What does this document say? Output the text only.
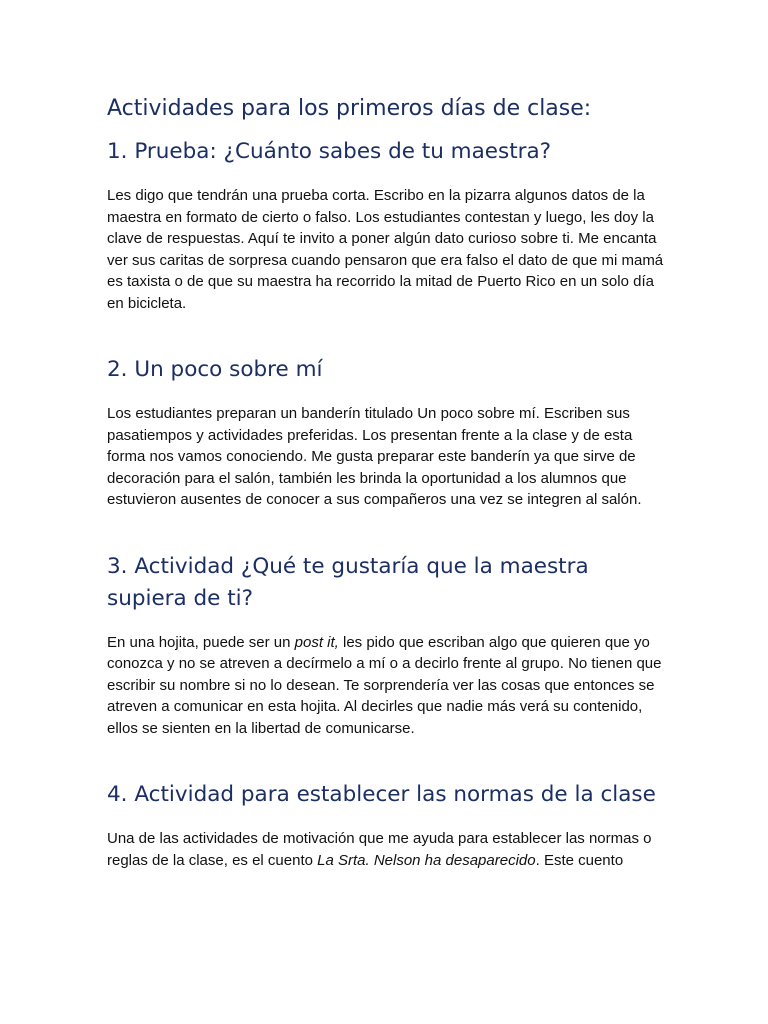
Actividades para los primeros días de clase:
1. Prueba: ¿Cuánto sabes de tu maestra?

Les digo que tendrán una prueba corta. Escribo en la pizarra algunos datos de la maestra en formato de cierto o falso. Los estudiantes contestan y luego, les doy la clave de respuestas. Aquí te invito a poner algún dato curioso sobre ti. Me encanta ver sus caritas de sorpresa cuando pensaron que era falso el dato de que mi mamá es taxista o de que su maestra ha recorrido la mitad de Puerto Rico en un solo día en bicicleta.

2. Un poco sobre mí

Los estudiantes preparan un banderín titulado Un poco sobre mí. Escriben sus pasatiempos y actividades preferidas. Los presentan frente a la clase y de esta forma nos vamos conociendo. Me gusta preparar este banderín ya que sirve de decoración para el salón, también les brinda la oportunidad a los alumnos que estuvieron ausentes de conocer a sus compañeros una vez se integren al salón.

3. Actividad ¿Qué te gustaría que la maestra supiera de ti?

En una hojita, puede ser un post it, les pido que escriban algo que quieren que yo conozca y no se atreven a decírmelo a mí o a decirlo frente al grupo. No tienen que escribir su nombre si no lo desean. Te sorprendería ver las cosas que entonces se atreven a comunicar en esta hojita. Al decirles que nadie más verá su contenido, ellos se sienten en la libertad de comunicarse.

4. Actividad para establecer las normas de la clase

Una de las actividades de motivación que me ayuda para establecer las normas o reglas de la clase, es el cuento La Srta. Nelson ha desaparecido. Este cuento
